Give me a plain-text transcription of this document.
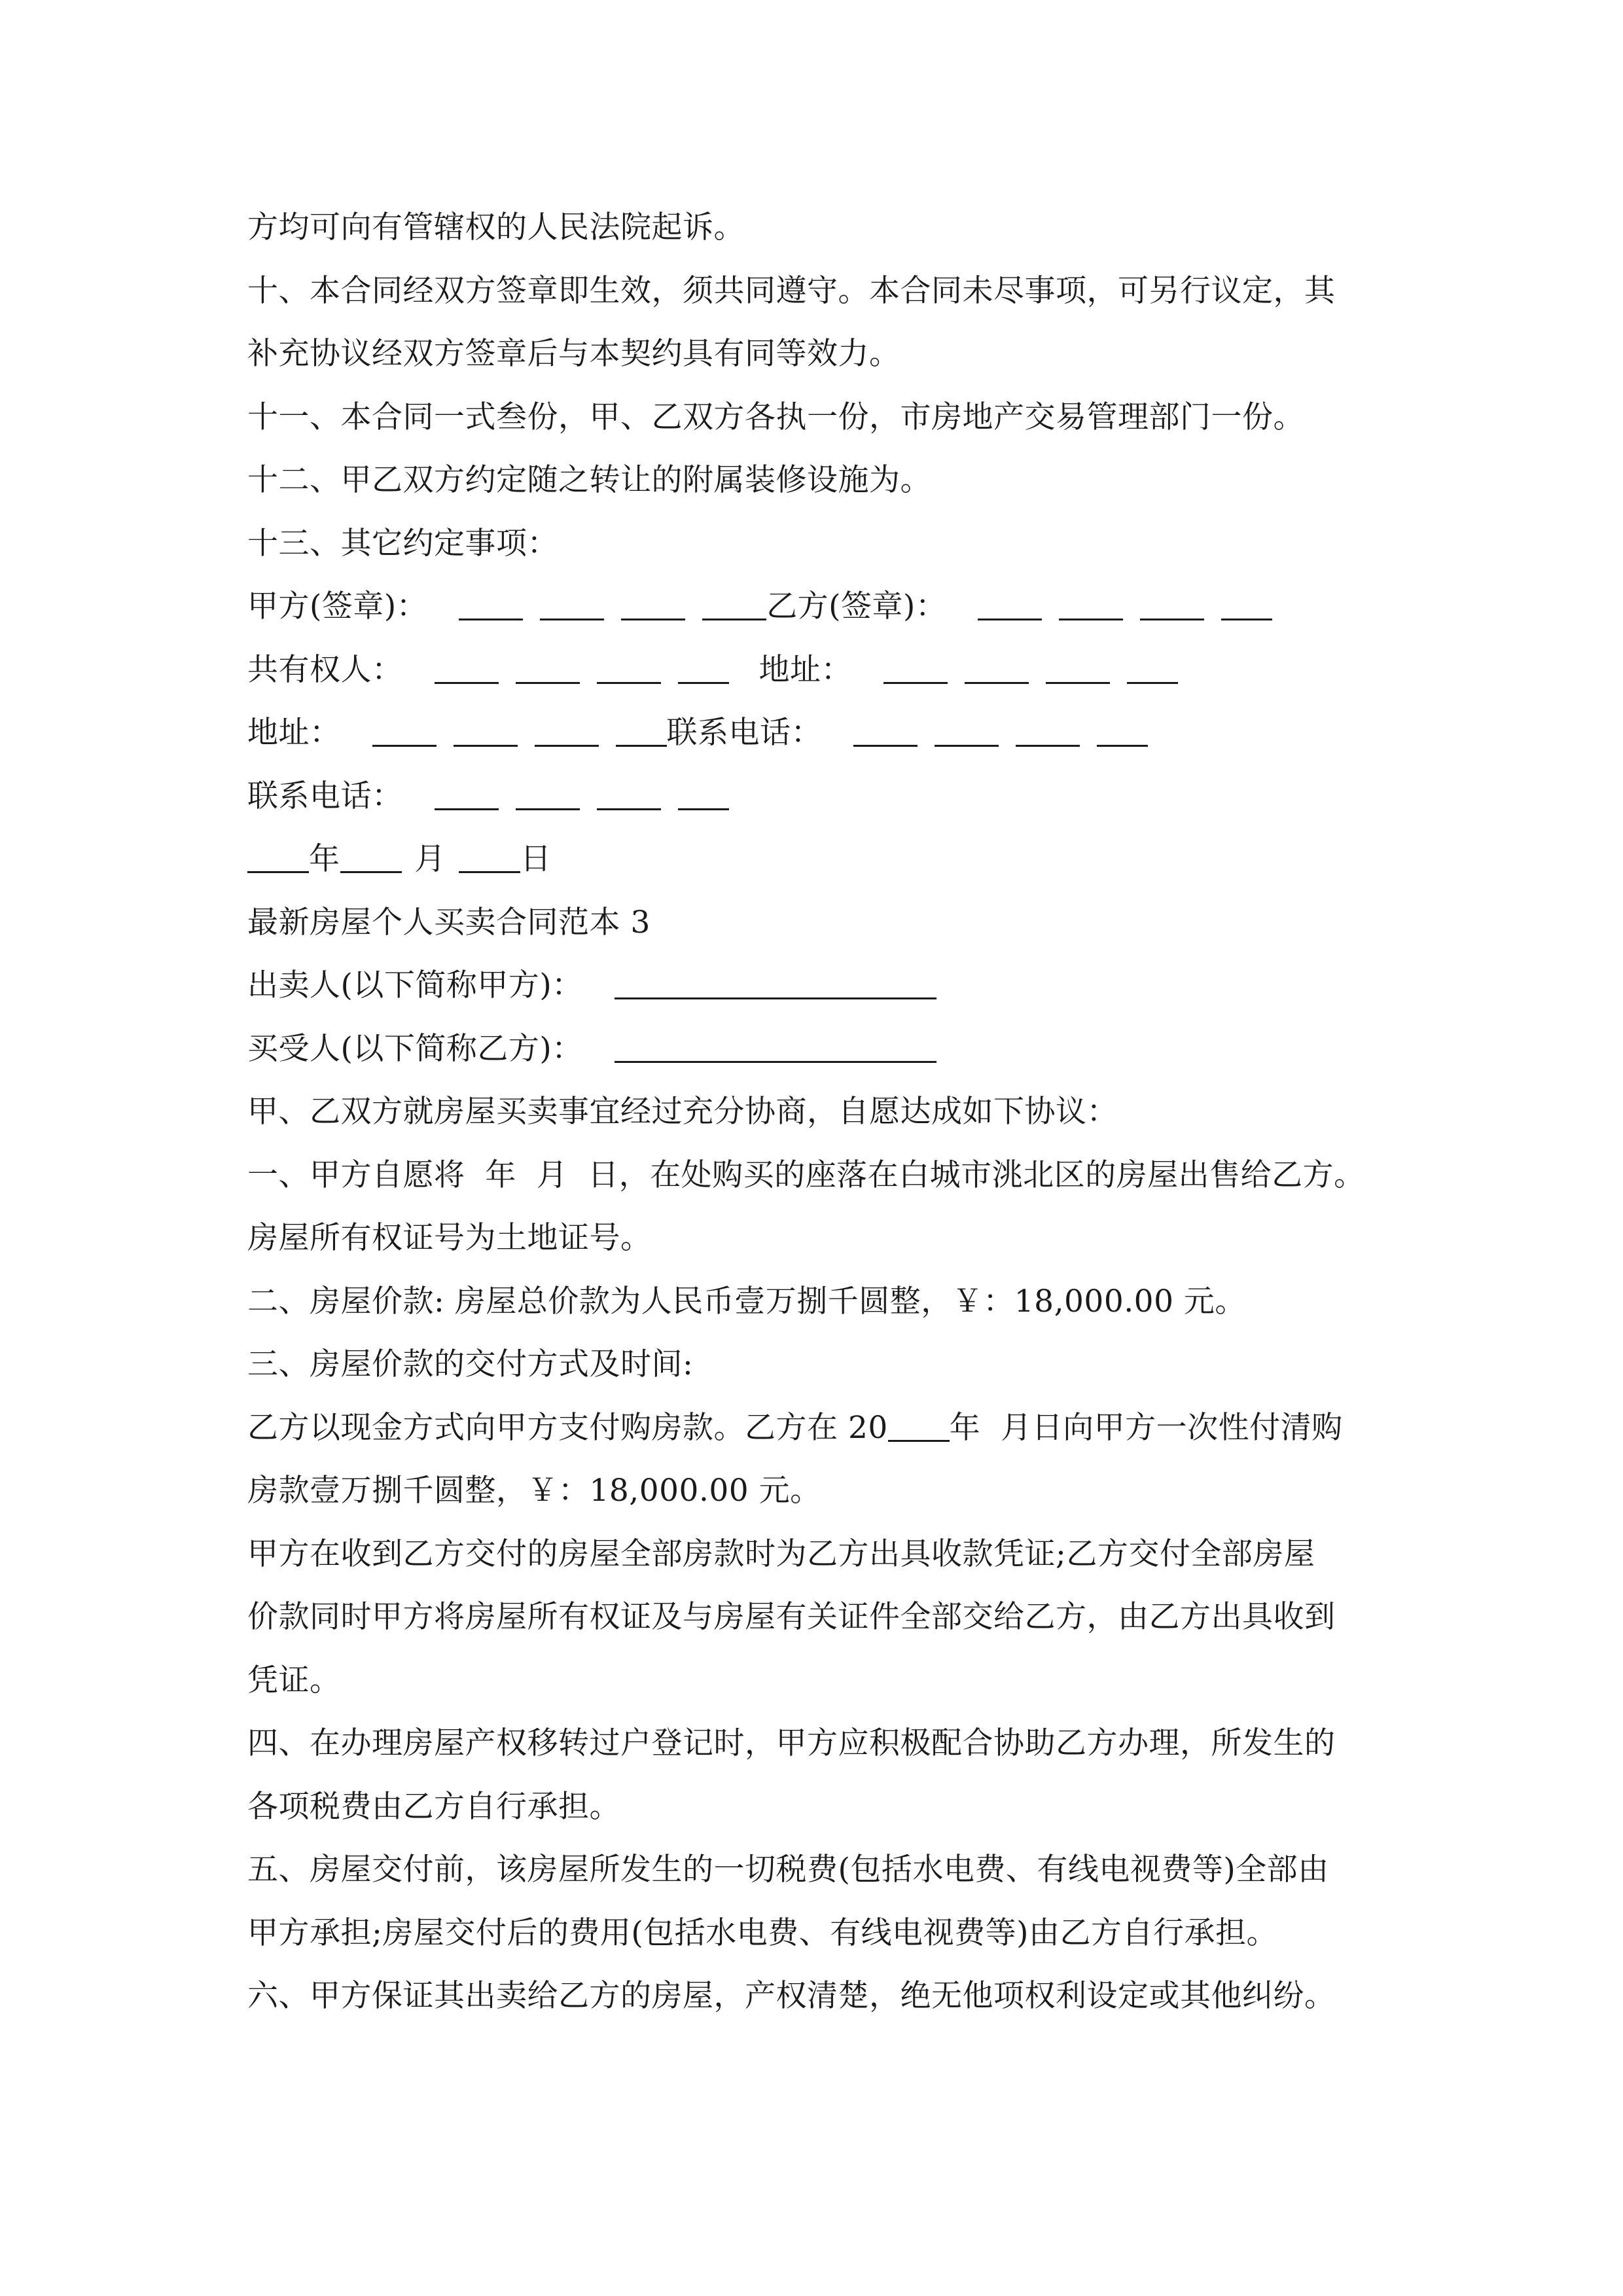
方均可向有管辖权的人民法院起诉。
十、本合同经双方签章即生效，须共同遵守。本合同未尽事项，可另行议定，其
补充协议经双方签章后与本契约具有同等效力。
十一、本合同一式叁份，甲、乙双方各执一份，市房地产交易管理部门一份。
十二、甲乙双方约定随之转让的附属装修设施为。
十三、其它约定事项：
甲方(签章)：	乙方(签章)：
共有权人：	地址：
地址：	联系电话：
联系电话：
年 月 日
最新房屋个人买卖合同范本 3
出卖人(以下简称甲方)：
买受人(以下简称乙方)：
甲、乙双方就房屋买卖事宜经过充分协商，自愿达成如下协议：
一、甲方自愿将  年  月  日，在处购买的座落在白城市洮北区的房屋出售给乙方。
房屋所有权证号为土地证号。
二、房屋价款: 房屋总价款为人民币壹万捌千圆整，￥：18,000.00 元。
三、房屋价款的交付方式及时间:
乙方以现金方式向甲方支付购房款。乙方在 20 年  月日向甲方一次性付清购
房款壹万捌千圆整，￥：18,000.00 元。
甲方在收到乙方交付的房屋全部房款时为乙方出具收款凭证;乙方交付全部房屋
价款同时甲方将房屋所有权证及与房屋有关证件全部交给乙方，由乙方出具收到
凭证。
四、在办理房屋产权移转过户登记时，甲方应积极配合协助乙方办理，所发生的
各项税费由乙方自行承担。
五、房屋交付前，该房屋所发生的一切税费(包括水电费、有线电视费等)全部由
甲方承担;房屋交付后的费用(包括水电费、有线电视费等)由乙方自行承担。
六、甲方保证其出卖给乙方的房屋，产权清楚，绝无他项权利设定或其他纠纷。
